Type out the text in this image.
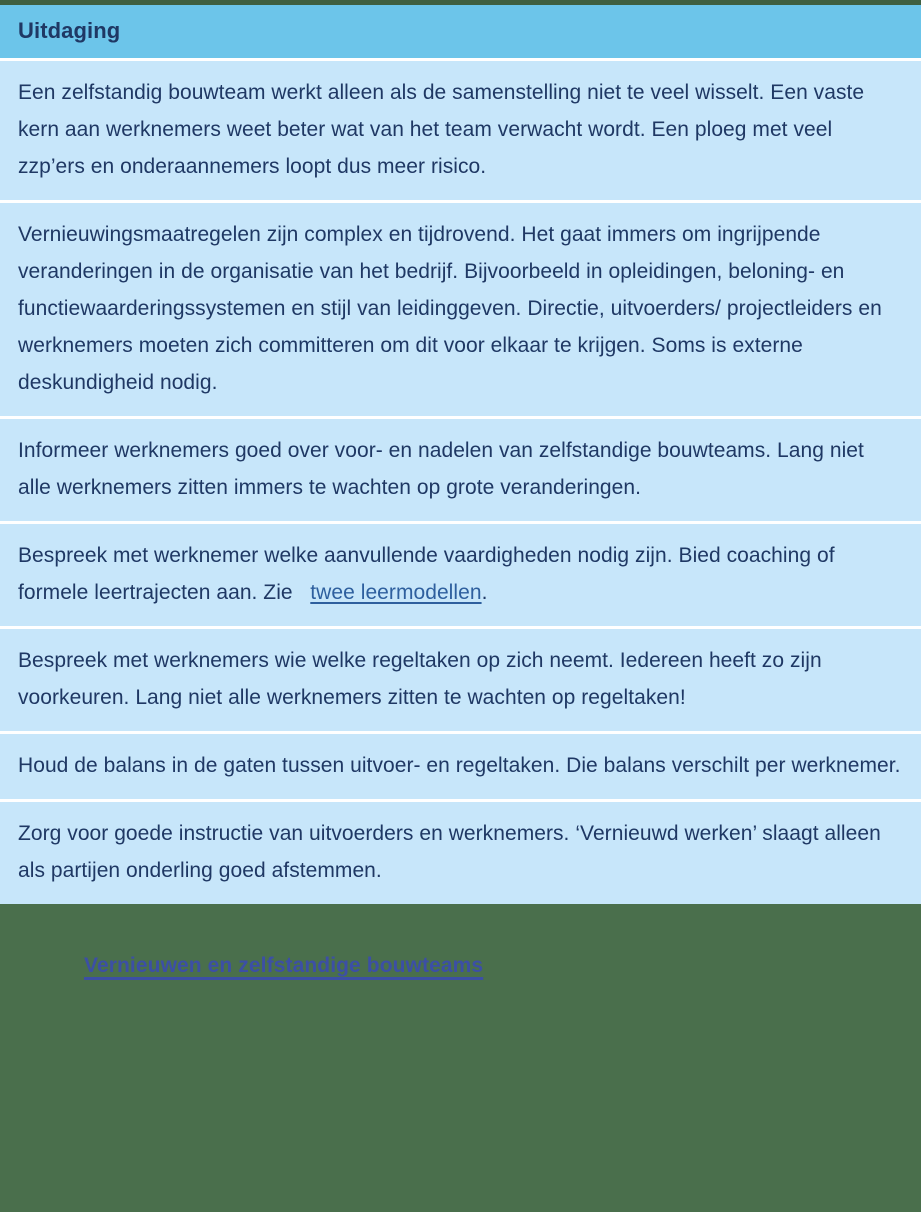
Uitdaging

Een zelfstandig bouwteam werkt alleen als de samenstelling niet te veel wisselt. Een vaste kern aan werknemers weet beter wat van het team verwacht wordt. Een ploeg met veel zzp’ers en onderaannemers loopt dus meer risico.

Vernieuwingsmaatregelen zijn complex en tijdrovend. Het gaat immers om ingrijpende veranderingen in de organisatie van het bedrijf. Bijvoorbeeld in opleidingen, beloning- en functiewaarderingssystemen en stijl van leidinggeven. Directie, uitvoerders/ projectleiders en werknemers moeten zich committeren om dit voor elkaar te krijgen. Soms is externe deskundigheid nodig.

Informeer werknemers goed over voor- en nadelen van zelfstandige bouwteams. Lang niet alle werknemers zitten immers te wachten op grote veranderingen.

Bespreek met werknemer welke aanvullende vaardigheden nodig zijn. Bied coaching of formele leertrajecten aan. Zie twee leermodellen.

Bespreek met werknemers wie welke regeltaken op zich neemt. Iedereen heeft zo zijn voorkeuren. Lang niet alle werknemers zitten te wachten op regeltaken!

Houd de balans in de gaten tussen uitvoer- en regeltaken. Die balans verschilt per werknemer.

Zorg voor goede instructie van uitvoerders en werknemers. ‘Vernieuwd werken’ slaagt alleen als partijen onderling goed afstemmen.

Vernieuwen en zelfstandige bouwteams
